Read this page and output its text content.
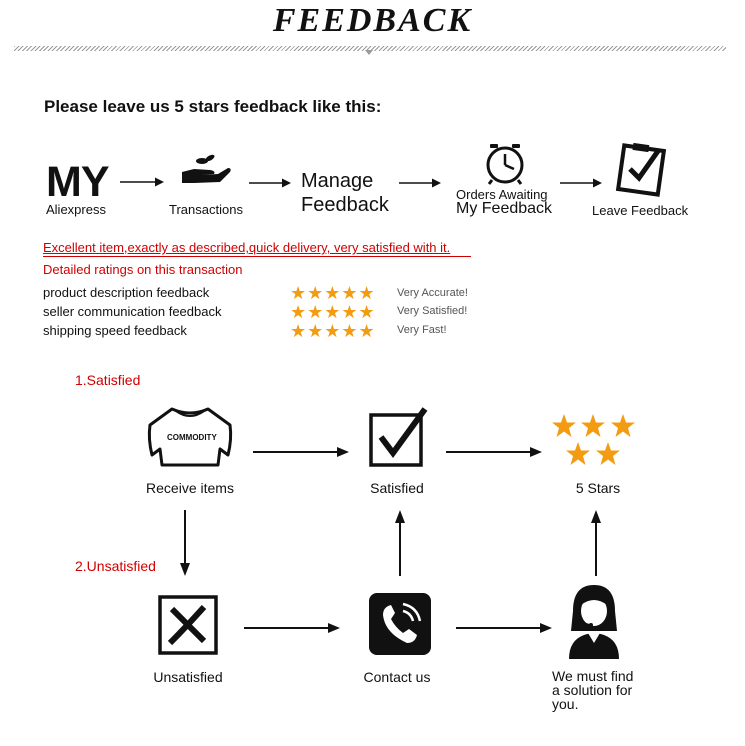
FEEDBACK
Please leave us 5 stars feedback like this:
MY
Aliexpress	Transactions
Manage
Feedback	Orders Awaiting
My Feedback	Leave Feedback
Excellent item,exactly as described,quick delivery, very satisfied with it.
Detailed ratings on this transaction
product description feedback	★★★★★ Very Accurate!
seller communication feedback	★★★★★ Very Satisfied!
shipping speed feedback	★★★★★ Very Fast!
1.Satisfied
COMMODITY
Receive items	Satisfied	5 Stars
2.Unsatisfied
Unsatisfied	Contact us	We must find
a solution for
you.
